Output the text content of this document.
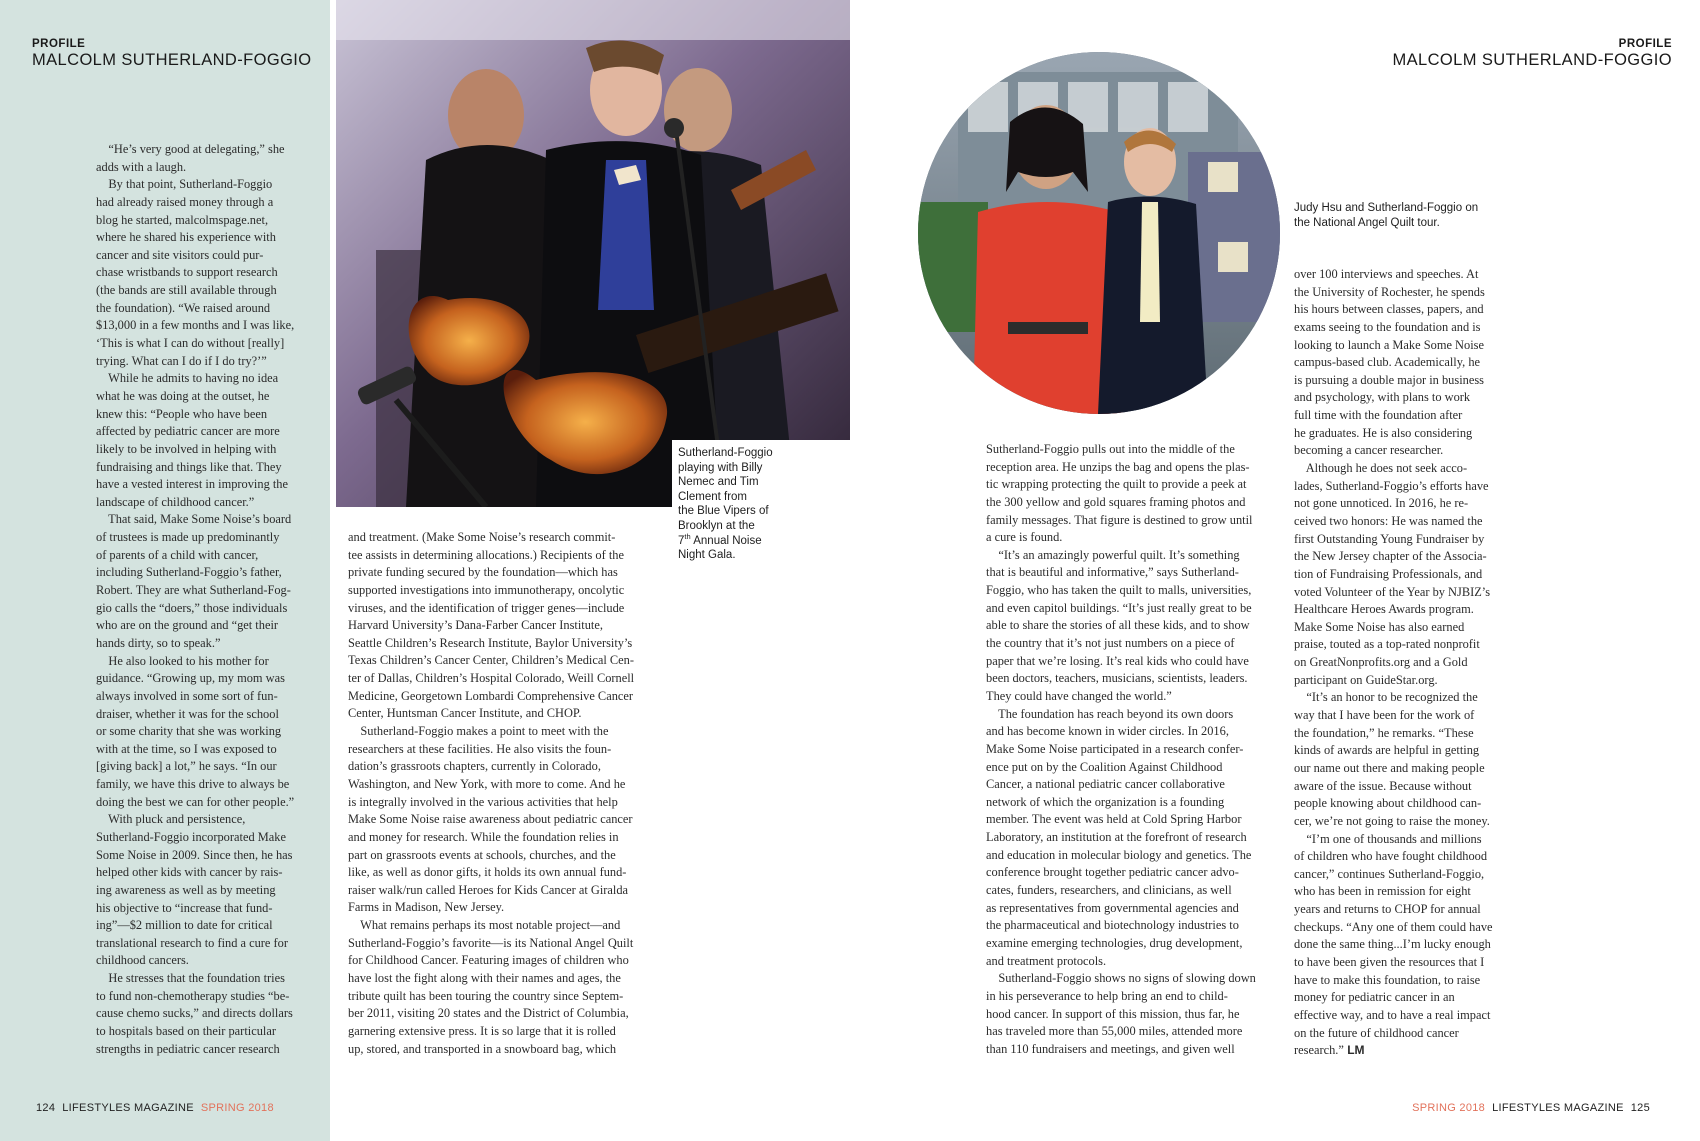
PROFILE
MALCOLM SUTHERLAND-FOGGIO
PROFILE
MALCOLM SUTHERLAND-FOGGIO
Sutherland-Foggio
playing with Billy
Nemec and Tim
Clement from
the Blue Vipers of
Brooklyn at the
7th Annual Noise
Night Gala.
Judy Hsu and Sutherland-Foggio on
the National Angel Quilt tour.
“He’s very good at delegating,” she
adds with a laugh.
By that point, Sutherland-Foggio
had already raised money through a
blog he started, malcolmspage.net,
where he shared his experience with
cancer and site visitors could pur-
chase wristbands to support research
(the bands are still available through
the foundation). “We raised around
$13,000 in a few months and I was like,
‘This is what I can do without [really]
trying. What can I do if I do try?’”
While he admits to having no idea
what he was doing at the outset, he
knew this: “People who have been
affected by pediatric cancer are more
likely to be involved in helping with
fundraising and things like that. They
have a vested interest in improving the
landscape of childhood cancer.”
That said, Make Some Noise’s board
of trustees is made up predominantly
of parents of a child with cancer,
including Sutherland-Foggio’s father,
Robert. They are what Sutherland-Fog-
gio calls the “doers,” those individuals
who are on the ground and “get their
hands dirty, so to speak.”
He also looked to his mother for
guidance. “Growing up, my mom was
always involved in some sort of fun-
draiser, whether it was for the school
or some charity that she was working
with at the time, so I was exposed to
[giving back] a lot,” he says. “In our
family, we have this drive to always be
doing the best we can for other people.”
With pluck and persistence,
Sutherland-Foggio incorporated Make
Some Noise in 2009. Since then, he has
helped other kids with cancer by rais-
ing awareness as well as by meeting
his objective to “increase that fund-
ing”—$2 million to date for critical
translational research to find a cure for
childhood cancers.
He stresses that the foundation tries
to fund non-chemotherapy studies “be-
cause chemo sucks,” and directs dollars
to hospitals based on their particular
strengths in pediatric cancer research
and treatment. (Make Some Noise’s research commit-
tee assists in determining allocations.) Recipients of the
private funding secured by the foundation—which has
supported investigations into immunotherapy, oncolytic
viruses, and the identification of trigger genes—include
Harvard University’s Dana-Farber Cancer Institute,
Seattle Children’s Research Institute, Baylor University’s
Texas Children’s Cancer Center, Children’s Medical Cen-
ter of Dallas, Children’s Hospital Colorado, Weill Cornell
Medicine, Georgetown Lombardi Comprehensive Cancer
Center, Huntsman Cancer Institute, and CHOP.
Sutherland-Foggio makes a point to meet with the
researchers at these facilities. He also visits the foun-
dation’s grassroots chapters, currently in Colorado,
Washington, and New York, with more to come. And he
is integrally involved in the various activities that help
Make Some Noise raise awareness about pediatric cancer
and money for research. While the foundation relies in
part on grassroots events at schools, churches, and the
like, as well as donor gifts, it holds its own annual fund-
raiser walk/run called Heroes for Kids Cancer at Giralda
Farms in Madison, New Jersey.
What remains perhaps its most notable project—and
Sutherland-Foggio’s favorite—is its National Angel Quilt
for Childhood Cancer. Featuring images of children who
have lost the fight along with their names and ages, the
tribute quilt has been touring the country since Septem-
ber 2011, visiting 20 states and the District of Columbia,
garnering extensive press. It is so large that it is rolled
up, stored, and transported in a snowboard bag, which
Sutherland-Foggio pulls out into the middle of the
reception area. He unzips the bag and opens the plas-
tic wrapping protecting the quilt to provide a peek at
the 300 yellow and gold squares framing photos and
family messages. That figure is destined to grow until
a cure is found.
“It’s an amazingly powerful quilt. It’s something
that is beautiful and informative,” says Sutherland-
Foggio, who has taken the quilt to malls, universities,
and even capitol buildings. “It’s just really great to be
able to share the stories of all these kids, and to show
the country that it’s not just numbers on a piece of
paper that we’re losing. It’s real kids who could have
been doctors, teachers, musicians, scientists, leaders.
They could have changed the world.”
The foundation has reach beyond its own doors
and has become known in wider circles. In 2016,
Make Some Noise participated in a research confer-
ence put on by the Coalition Against Childhood
Cancer, a national pediatric cancer collaborative
network of which the organization is a founding
member. The event was held at Cold Spring Harbor
Laboratory, an institution at the forefront of research
and education in molecular biology and genetics. The
conference brought together pediatric cancer advo-
cates, funders, researchers, and clinicians, as well
as representatives from governmental agencies and
the pharmaceutical and biotechnology industries to
examine emerging technologies, drug development,
and treatment protocols.
Sutherland-Foggio shows no signs of slowing down
in his perseverance to help bring an end to child-
hood cancer. In support of this mission, thus far, he
has traveled more than 55,000 miles, attended more
than 110 fundraisers and meetings, and given well
over 100 interviews and speeches. At
the University of Rochester, he spends
his hours between classes, papers, and
exams seeing to the foundation and is
looking to launch a Make Some Noise
campus-based club. Academically, he
is pursuing a double major in business
and psychology, with plans to work
full time with the foundation after
he graduates. He is also considering
becoming a cancer researcher.
Although he does not seek acco-
lades, Sutherland-Foggio’s efforts have
not gone unnoticed. In 2016, he re-
ceived two honors: He was named the
first Outstanding Young Fundraiser by
the New Jersey chapter of the Associa-
tion of Fundraising Professionals, and
voted Volunteer of the Year by NJBIZ’s
Healthcare Heroes Awards program.
Make Some Noise has also earned
praise, touted as a top-rated nonprofit
on GreatNonprofits.org and a Gold
participant on GuideStar.org.
“It’s an honor to be recognized the
way that I have been for the work of
the foundation,” he remarks. “These
kinds of awards are helpful in getting
our name out there and making people
aware of the issue. Because without
people knowing about childhood can-
cer, we’re not going to raise the money.
“I’m one of thousands and millions
of children who have fought childhood
cancer,” continues Sutherland-Foggio,
who has been in remission for eight
years and returns to CHOP for annual
checkups. “Any one of them could have
done the same thing...I’m lucky enough
to have been given the resources that I
have to make this foundation, to raise
money for pediatric cancer in an
effective way, and to have a real impact
on the future of childhood cancer
research.” LM
124 LIFESTYLES MAGAZINE SPRING 2018	SPRING 2018 LIFESTYLES MAGAZINE 125
